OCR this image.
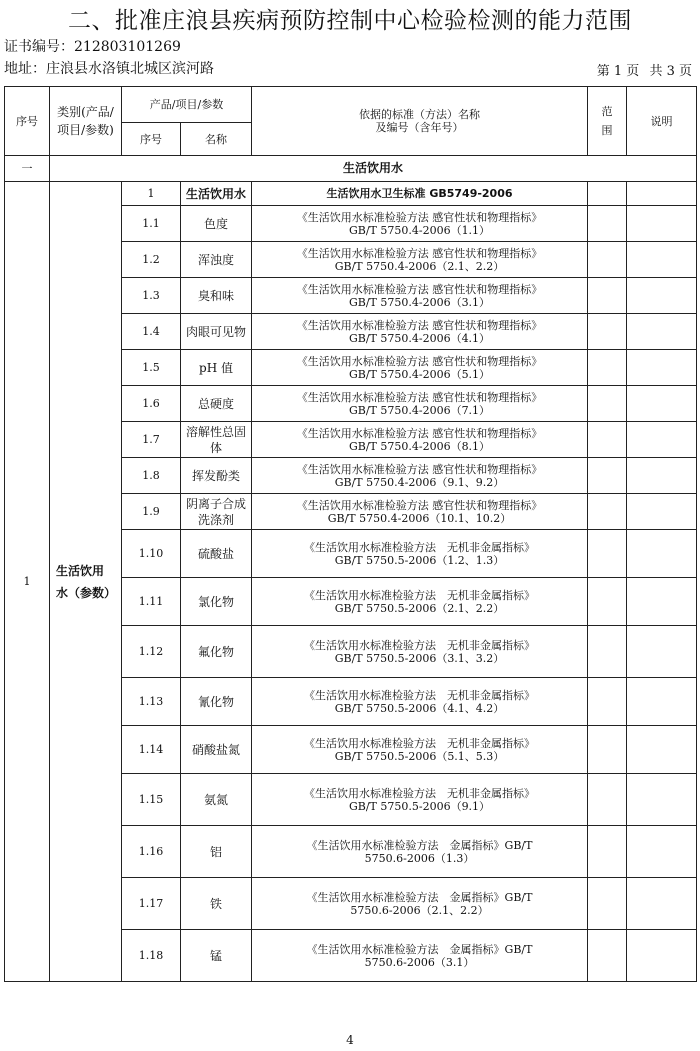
二、批准庄浪县疾病预防控制中心检验检测的能力范围
证书编号：212803101269
地址：庄浪县水洛镇北城区滨河路	第 1 页 共 3 页
序号	类别(产品/项目/参数)	产品/项目/参数		依据的标准（方法）名称
及编号（含年号）	范围	说明
		序号	名称			
一	生活饮用水					
1	生活饮用水（参数）	1	生活饮用水	生活饮用水卫生标准 GB5749-2006		

		1.1	色度	《生活饮用水标准检验方法 感官性状和物理指标》
GB/T 5750.4-2006（1.1）		

		1.2	浑浊度	《生活饮用水标准检验方法 感官性状和物理指标》
GB/T 5750.4-2006（2.1、2.2）		

		1.3	臭和味	《生活饮用水标准检验方法 感官性状和物理指标》
GB/T 5750.4-2006（3.1）		

		1.4	肉眼可见物	《生活饮用水标准检验方法 感官性状和物理指标》
GB/T 5750.4-2006（4.1）		

		1.5	pH 值	《生活饮用水标准检验方法 感官性状和物理指标》
GB/T 5750.4-2006（5.1）		

		1.6	总硬度	《生活饮用水标准检验方法 感官性状和物理指标》
GB/T 5750.4-2006（7.1）		

		1.7	溶解性总固体	《生活饮用水标准检验方法 感官性状和物理指标》
GB/T 5750.4-2006（8.1）		

		1.8	挥发酚类	《生活饮用水标准检验方法 感官性状和物理指标》
GB/T 5750.4-2006（9.1、9.2）		

		1.9	阴离子合成洗涤剂	《生活饮用水标准检验方法 感官性状和物理指标》
GB/T 5750.4-2006（10.1、10.2）		

		1.10	硫酸盐	《生活饮用水标准检验方法　无机非金属指标》
GB/T 5750.5-2006（1.2、1.3）		

		1.11	氯化物	《生活饮用水标准检验方法　无机非金属指标》
GB/T 5750.5-2006（2.1、2.2）		

		1.12	氟化物	《生活饮用水标准检验方法　无机非金属指标》
GB/T 5750.5-2006（3.1、3.2）		

		1.13	氰化物	《生活饮用水标准检验方法　无机非金属指标》
GB/T 5750.5-2006（4.1、4.2）		

		1.14	硝酸盐氮	《生活饮用水标准检验方法　无机非金属指标》
GB/T 5750.5-2006（5.1、5.3）		

		1.15	氨氮	《生活饮用水标准检验方法　无机非金属指标》
GB/T 5750.5-2006（9.1）		

		1.16	铝	《生活饮用水标准检验方法　金属指标》GB/T
5750.6-2006（1.3）		

		1.17	铁	《生活饮用水标准检验方法　金属指标》GB/T
5750.6-2006（2.1、2.2）		

		1.18	锰	《生活饮用水标准检验方法　金属指标》GB/T
5750.6-2006（3.1）		

4
